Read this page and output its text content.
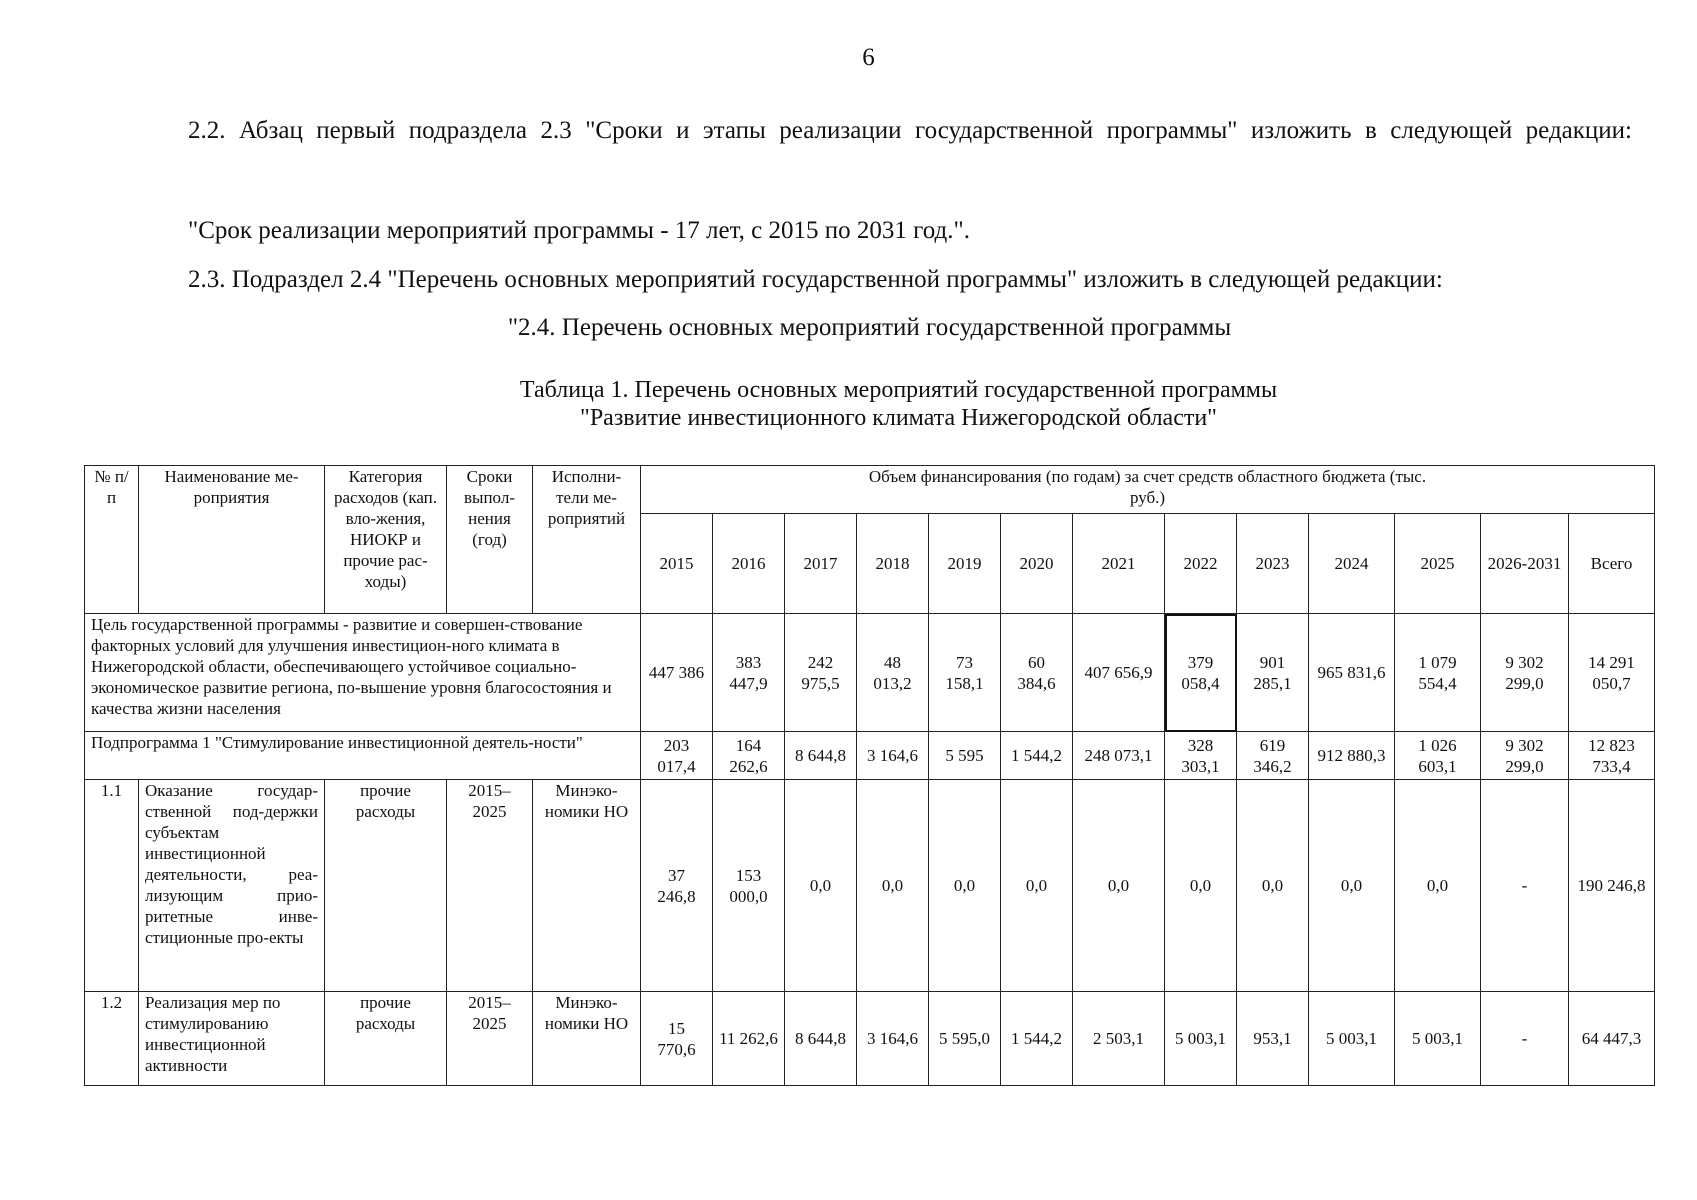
6
2.2. Абзац первый подраздела 2.3 "Сроки и этапы реализации государственной программы" изложить в следующей редакции:
"Срок реализации мероприятий программы - 17 лет, с 2015 по 2031 год.".
2.3. Подраздел 2.4 "Перечень основных мероприятий государственной программы" изложить в следующей редакции:
"2.4. Перечень основных мероприятий государственной программы
Таблица 1. Перечень основных мероприятий государственной программы
"Развитие инвестиционного климата Нижегородской области"
№ п/п	Наименование ме-роприятия	Категория расходов (кап. вло-жения, НИОКР и прочие рас-ходы)	Сроки выпол-нения (год)	Исполни-тели ме-роприятий	Объем финансирования (по годам) за счет средств областного бюджета (тыс. руб.)												

					2015	2016	2017	2018	2019	2020	2021	2022	2023	2024	2025	2026-2031	Всего
Цель государственной программы - развитие и совершен-ствование факторных условий для улучшения инвестицион-ного климата в Нижегородской области, обеспечивающего устойчивое социально-экономическое развитие региона, по-вышение уровня благосостояния и качества жизни населения					447 386	383 447,9	242 975,5	48 013,2	73 158,1	60 384,6	407 656,9	379 058,4	901 285,1	965 831,6	1 079 554,4	9 302 299,0	14 291 050,7
Подпрограмма 1 "Стимулирование инвестиционной деятель-ности"					203 017,4	164 262,6	8 644,8	3 164,6	5 595	1 544,2	248 073,1	328 303,1	619 346,2	912 880,3	1 026 603,1	9 302 299,0	12 823 733,4
1.1	Оказание государ-ственной под-держки субъектам инвестиционной деятельности, реа-лизующим прио-ритетные инве-стиционные про-екты	прочие расходы	2015–2025	Минэко-номики НО	37 246,8	153 000,0	0,0	0,0	0,0	0,0	0,0	0,0	0,0	0,0	0,0	-	190 246,8
1.2	Реализация мер по стимулированию инвестиционной активности	прочие расходы	2015–2025	Минэко-номики НО	15 770,6	11 262,6	8 644,8	3 164,6	5 595,0	1 544,2	2 503,1	5 003,1	953,1	5 003,1	5 003,1	-	64 447,3
